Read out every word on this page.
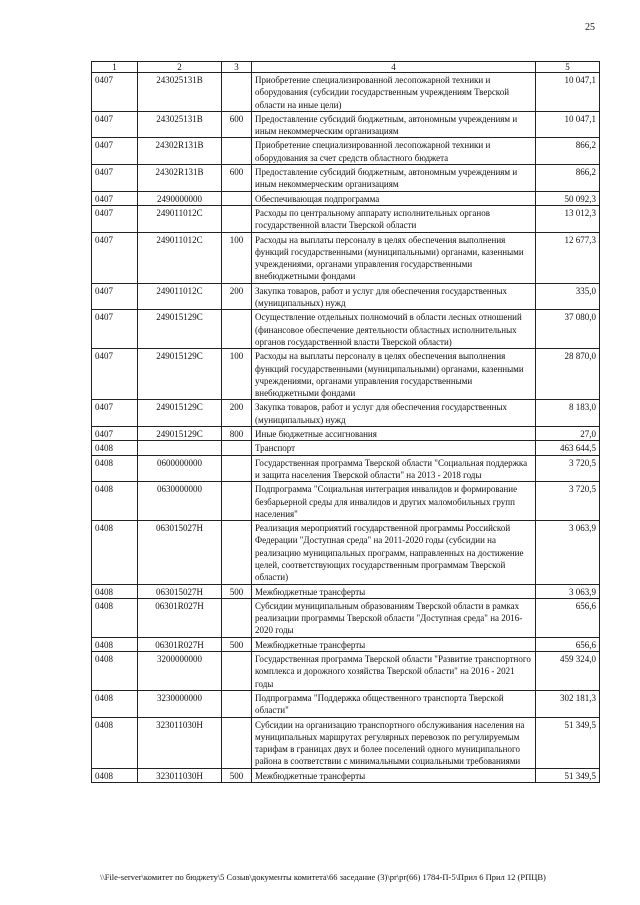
25
1	2	3	4	5
0407	243025131В		Приобретение специализированной лесопожарной техники и оборудования (субсидии государственным учреждениям Тверской области на иные цели)	10 047,1
0407	243025131В	600	Предоставление субсидий бюджетным, автономным учреждениям и иным некоммерческим организациям	10 047,1
0407	24302R131В		Приобретение специализированной лесопожарной техники и оборудования за счет средств областного бюджета	866,2
0407	24302R131В	600	Предоставление субсидий бюджетным, автономным учреждениям и иным некоммерческим организациям	866,2
0407	2490000000		Обеспечивающая подпрограмма	50 092,3
0407	249011012С		Расходы по центральному аппарату исполнительных органов государственной власти Тверской области	13 012,3
0407	249011012С	100	Расходы на выплаты персоналу в целях обеспечения выполнения функций государственными (муниципальными) органами, казенными учреждениями, органами управления государственными внебюджетными фондами	12 677,3
0407	249011012С	200	Закупка товаров, работ и услуг для обеспечения государственных (муниципальных) нужд	335,0
0407	249015129С		Осуществление отдельных полномочий в области лесных отношений (финансовое обеспечение деятельности областных исполнительных органов государственной власти Тверской области)	37 080,0
0407	249015129С	100	Расходы на выплаты персоналу в целях обеспечения выполнения функций государственными (муниципальными) органами, казенными учреждениями, органами управления государственными внебюджетными фондами	28 870,0
0407	249015129С	200	Закупка товаров, работ и услуг для обеспечения государственных (муниципальных) нужд	8 183,0
0407	249015129С	800	Иные бюджетные ассигнования	27,0
0408			Транспорт	463 644,5
0408	0600000000		Государственная программа Тверской области "Социальная поддержка и защита населения Тверской области" на 2013 - 2018 годы	3 720,5
0408	0630000000		Подпрограмма "Социальная интеграция инвалидов и формирование безбарьерной среды для инвалидов и других маломобильных групп населения"	3 720,5
0408	063015027Н		Реализация мероприятий государственной программы Российской Федерации "Доступная среда" на 2011-2020 годы (субсидии на реализацию муниципальных программ, направленных на достижение целей, соответствующих государственным программам Тверской области)	3 063,9
0408	063015027Н	500	Межбюджетные трансферты	3 063,9
0408	06301R027Н		Субсидии муниципальным образованиям Тверской области в рамках реализации программы Тверской области "Доступная среда" на 2016-2020 годы	656,6
0408	06301R027Н	500	Межбюджетные трансферты	656,6
0408	3200000000		Государственная программа Тверской области "Развитие транспортного комплекса и дорожного хозяйства Тверской области" на 2016 - 2021 годы	459 324,0
0408	3230000000		Подпрограмма "Поддержка общественного транспорта Тверской области"	302 181,3
0408	323011030Н		Субсидии на организацию транспортного обслуживания населения на муниципальных маршрутах регулярных перевозок по регулируемым тарифам в границах двух и более поселений одного муниципального района в соответствии с минимальными социальными требованиями	51 349,5
0408	323011030Н	500	Межбюджетные трансферты	51 349,5
\\File-server\комитет по бюджету\5 Созыв\документы комитета\66 заседание (3)\pr\pr(66) 1784-П-5\Прил 6 Прил 12 (РПЦВ)
